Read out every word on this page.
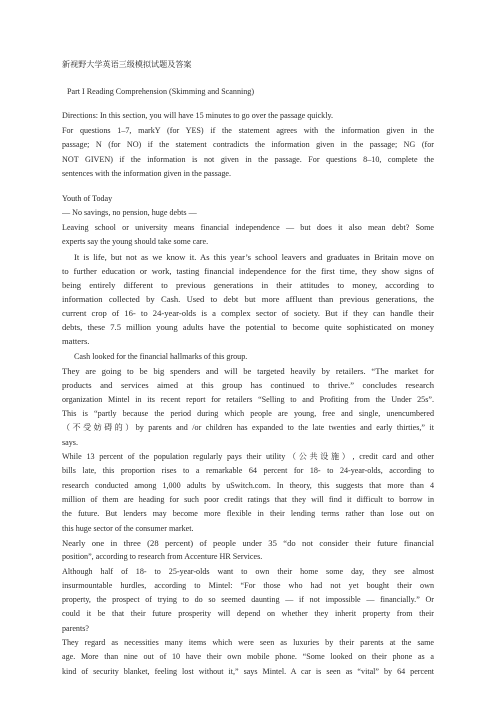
新视野大学英语三级模拟试题及答案
Part I Reading Comprehension (Skimming and Scanning)
Directions: In this section, you will have 15 minutes to go over the passage quickly.
For questions 1–7, markY (for YES) if the statement agrees with the information given in the
passage; N (for NO) if the statement contradicts the information given in the passage; NG (for
NOT GIVEN) if the information is not given in the passage. For questions 8–10, complete the
sentences with the information given in the passage.
Youth of Today
— No savings, no pension, huge debts —
Leaving school or university means financial independence — but does it also mean debt? Some
experts say the young should take some care.
It is life, but not as we know it. As this year’s school leavers and graduates in Britain move on
to further education or work, tasting financial independence for the first time, they show signs of
being entirely different to previous generations in their attitudes to money, according to
information collected by Cash. Used to debt but more affluent than previous generations, the
current crop of 16- to 24-year-olds is a complex sector of society. But if they can handle their
debts, these 7.5 million young adults have the potential to become quite sophisticated on money
matters.
Cash looked for the financial hallmarks of this group.
They are going to be big spenders and will be targeted heavily by retailers. “The market for
products and services aimed at this group has continued to thrive.” concludes research
organization Mintel in its recent report for retailers “Selling to and Profiting from the Under 25s”.
This is “partly because the period during which people are young, free and single, unencumbered
（不受妨碍的）by parents and /or children has expanded to the late twenties and early thirties,” it
says.
While 13 percent of the population regularly pays their utility（公共设施）, credit card and other
bills late, this proportion rises to a remarkable 64 percent for 18- to 24-year-olds, according to
research conducted among 1,000 adults by uSwitch.com. In theory, this suggests that more than 4
million of them are heading for such poor credit ratings that they will find it difficult to borrow in
the future. But lenders may become more flexible in their lending terms rather than lose out on
this huge sector of the consumer market.
Nearly one in three (28 percent) of people under 35 “do not consider their future financial
position”, according to research from Accenture HR Services.
Although half of 18- to 25-year-olds want to own their home some day, they see almost
insurmountable hurdles, according to Mintel: “For those who had not yet bought their own
property, the prospect of trying to do so seemed daunting — if not impossible — financially.” Or
could it be that their future prosperity will depend on whether they inherit property from their
parents?
They regard as necessities many items which were seen as luxuries by their parents at the same
age. More than nine out of 10 have their own mobile phone. “Some looked on their phone as a
kind of security blanket, feeling lost without it,” says Mintel. A car is seen as “vital” by 64 percent
